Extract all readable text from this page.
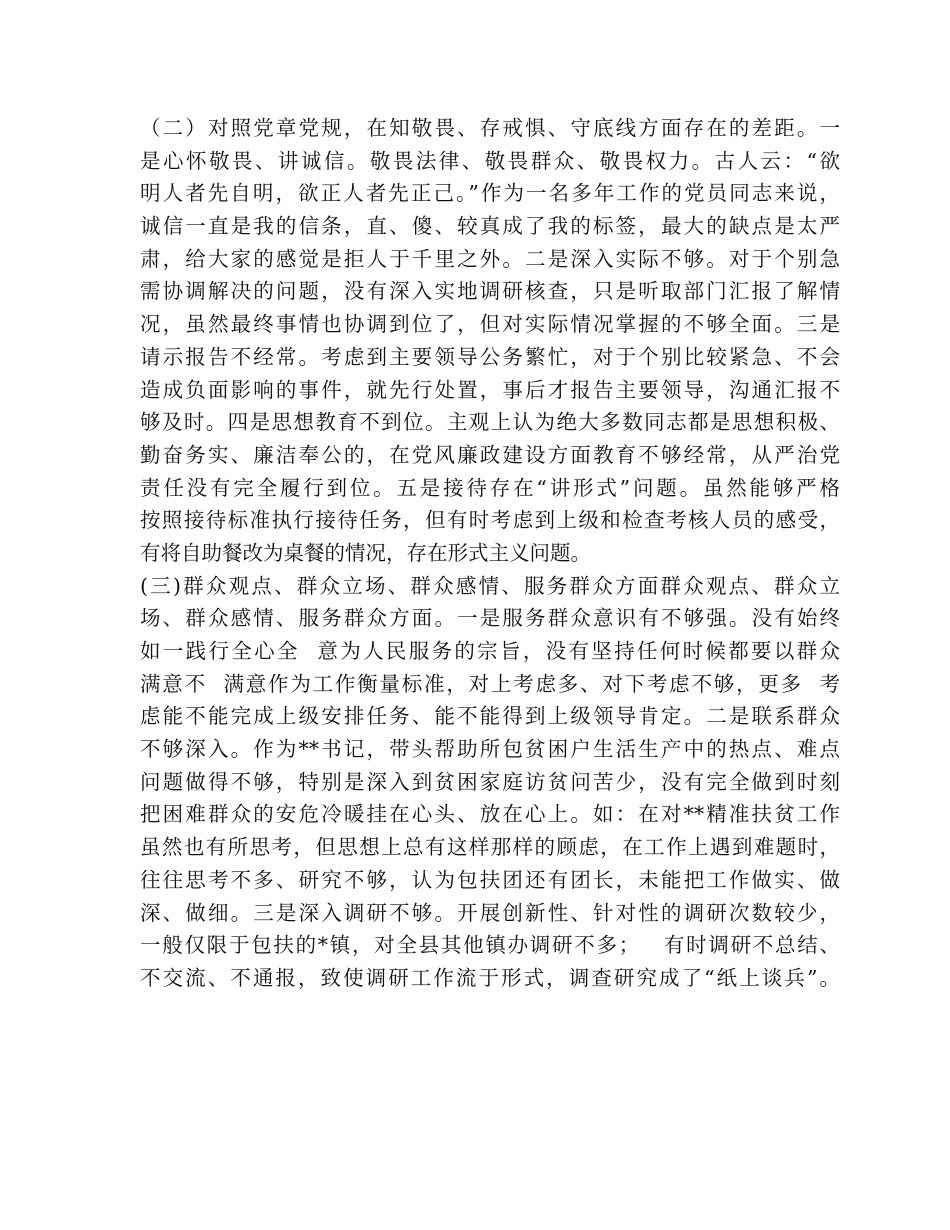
（二）对照党章党规，在知敬畏、存戒惧、守底线方面存在的差距。一
是心怀敬畏、讲诚信。敬畏法律、敬畏群众、敬畏权力。古人云：“欲
明人者先自明，欲正人者先正己。”作为一名多年工作的党员同志来说，
诚信一直是我的信条，直、傻、较真成了我的标签，最大的缺点是太严
肃，给大家的感觉是拒人于千里之外。二是深入实际不够。对于个别急
需协调解决的问题，没有深入实地调研核查，只是听取部门汇报了解情
况，虽然最终事情也协调到位了，但对实际情况掌握的不够全面。三是
请示报告不经常。考虑到主要领导公务繁忙，对于个别比较紧急、不会
造成负面影响的事件，就先行处置，事后才报告主要领导，沟通汇报不
够及时。四是思想教育不到位。主观上认为绝大多数同志都是思想积极、
勤奋务实、廉洁奉公的，在党风廉政建设方面教育不够经常，从严治党
责任没有完全履行到位。五是接待存在“讲形式”问题。虽然能够严格
按照接待标准执行接待任务，但有时考虑到上级和检查考核人员的感受，
有将自助餐改为桌餐的情况，存在形式主义问题。
(三)群众观点、群众立场、群众感情、服务群众方面群众观点、群众立
场、群众感情、服务群众方面。一是服务群众意识有不够强。没有始终
如一践行全心全  意为人民服务的宗旨，没有坚持任何时候都要以群众
满意不  满意作为工作衡量标准，对上考虑多、对下考虑不够，更多  考
虑能不能完成上级安排任务、能不能得到上级领导肯定。二是联系群众
不够深入。作为**书记，带头帮助所包贫困户生活生产中的热点、难点
问题做得不够，特别是深入到贫困家庭访贫问苦少，没有完全做到时刻
把困难群众的安危冷暖挂在心头、放在心上。如：在对**精准扶贫工作
虽然也有所思考，但思想上总有这样那样的顾虑，在工作上遇到难题时，
往往思考不多、研究不够，认为包扶团还有团长，未能把工作做实、做
深、做细。三是深入调研不够。开展创新性、针对性的调研次数较少，
一般仅限于包扶的*镇，对全县其他镇办调研不多；   有时调研不总结、
不交流、不通报，致使调研工作流于形式，调查研究成了“纸上谈兵”。
